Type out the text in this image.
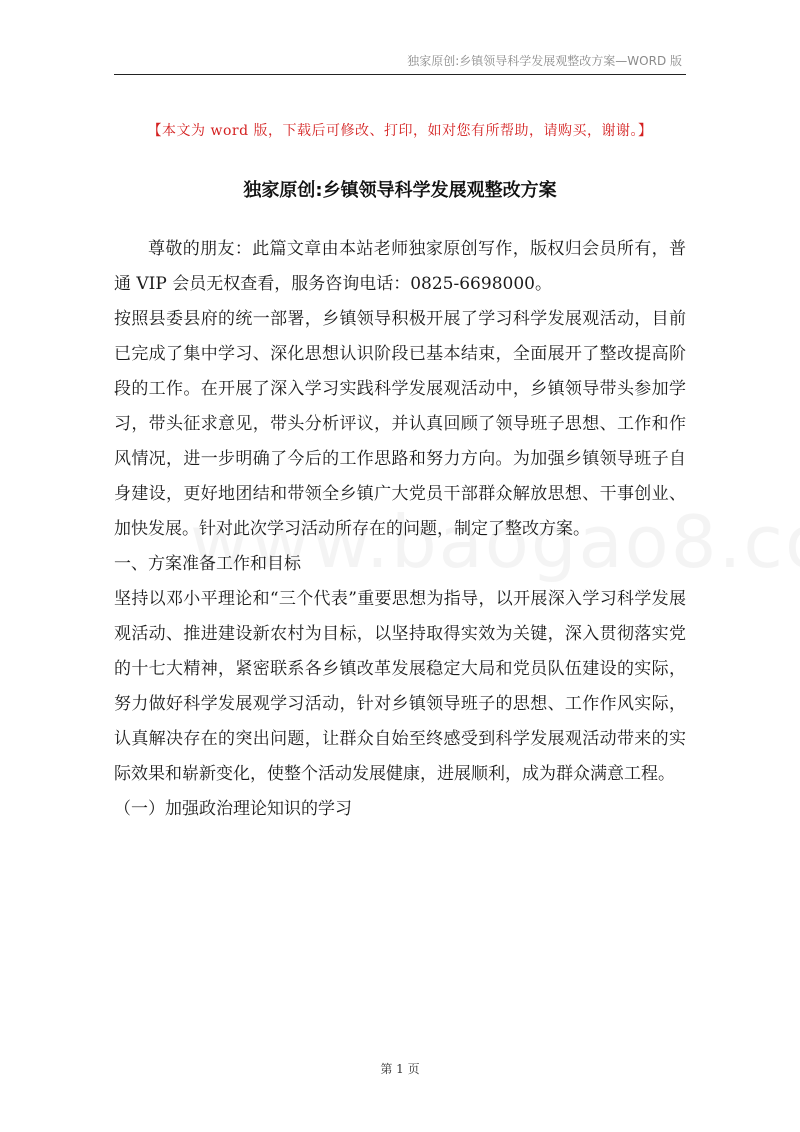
独家原创:乡镇领导科学发展观整改方案—WORD 版
【本文为 word 版，下载后可修改、打印，如对您有所帮助，请购买，谢谢。】
独家原创:乡镇领导科学发展观整改方案

尊敬的朋友：此篇文章由本站老师独家原创写作，版权归会员所有，普通 VIP 会员无权查看，服务咨询电话：0825-6698000。

按照县委县府的统一部署，乡镇领导积极开展了学习科学发展观活动，目前已完成了集中学习、深化思想认识阶段已基本结束，全面展开了整改提高阶段的工作。在开展了深入学习实践科学发展观活动中，乡镇领导带头参加学习，带头征求意见，带头分析评议，并认真回顾了领导班子思想、工作和作风情况，进一步明确了今后的工作思路和努力方向。为加强乡镇领导班子自身建设，更好地团结和带领全乡镇广大党员干部群众解放思想、干事创业、加快发展。针对此次学习活动所存在的问题，制定了整改方案。

一、方案准备工作和目标

坚持以邓小平理论和“三个代表”重要思想为指导，以开展深入学习科学发展观活动、推进建设新农村为目标，以坚持取得实效为关键，深入贯彻落实党的十七大精神，紧密联系各乡镇改革发展稳定大局和党员队伍建设的实际，努力做好科学发展观学习活动，针对乡镇领导班子的思想、工作作风实际，认真解决存在的突出问题，让群众自始至终感受到科学发展观活动带来的实际效果和崭新变化，使整个活动发展健康，进展顺利，成为群众满意工程。

（一）加强政治理论知识的学习

第 1 页
